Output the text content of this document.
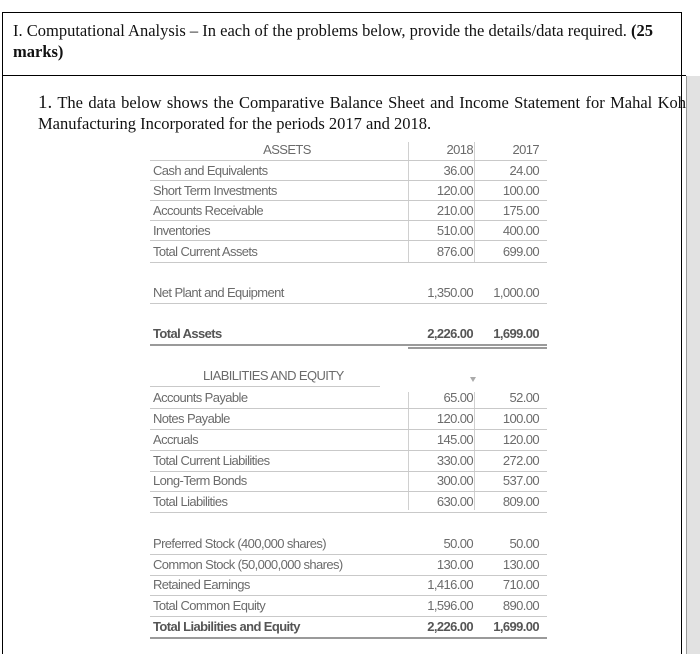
I. Computational Analysis – In each of the problems below, provide the details/data required. (25 marks)
1. The data below shows the Comparative Balance Sheet and Income Statement for Mahal Koh Manufacturing Incorporated for the periods 2017 and 2018.
ASSETS	2018	2017
Cash and Equivalents	36.00	24.00
Short Term Investments	120.00	100.00
Accounts Receivable	210.00	175.00
Inventories	510.00	400.00
Total Current Assets	876.00	699.00
Net Plant and Equipment	1,350.00	1,000.00
Total Assets	2,226.00	1,699.00
LIABILITIES AND EQUITY
Accounts Payable	65.00	52.00
Notes Payable	120.00	100.00
Accruals	145.00	120.00
Total Current Liabilities	330.00	272.00
Long-Term Bonds	300.00	537.00
Total Liabilities	630.00	809.00
Preferred Stock (400,000 shares)	50.00	50.00
Common Stock (50,000,000 shares)	130.00	130.00
Retained Earnings	1,416.00	710.00
Total Common Equity	1,596.00	890.00
Total Liabilities and Equity	2,226.00	1,699.00
